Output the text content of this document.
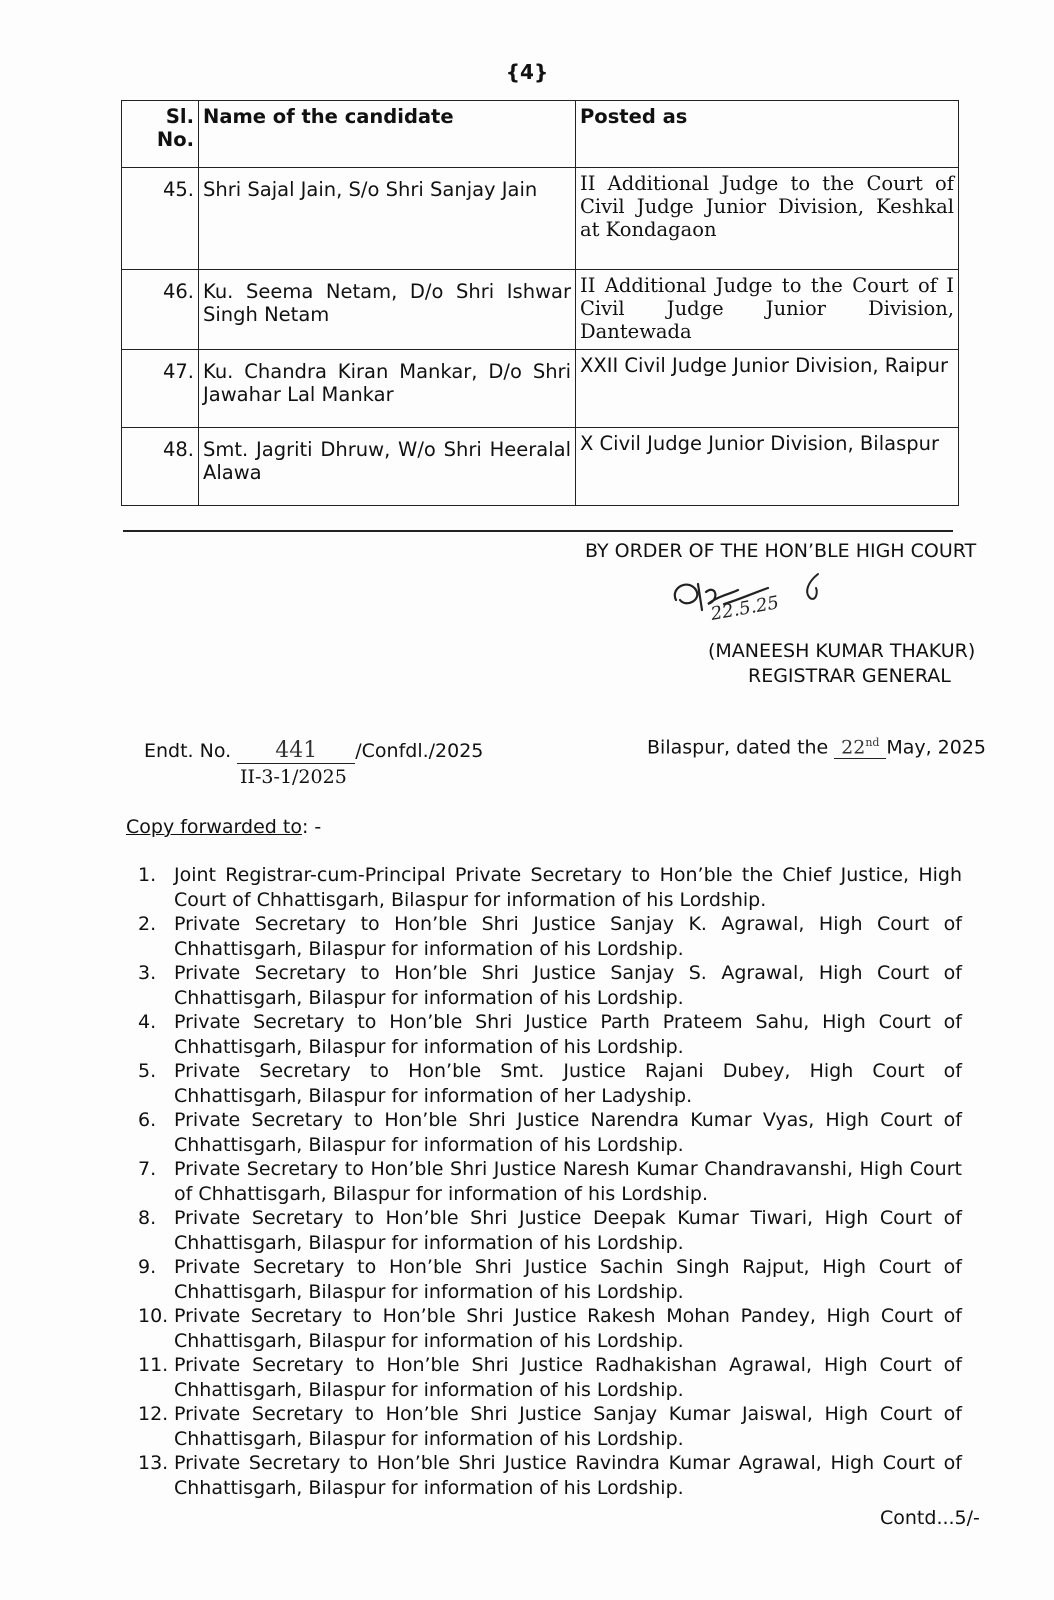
{4}
Sl. No.	Name of the candidate	Posted as
45.	Shri Sajal Jain, S/o Shri Sanjay Jain	II Additional Judge to the Court of Civil Judge Junior Division, Keshkal at Kondagaon
46.	Ku. Seema Netam, D/o Shri Ishwar Singh Netam	II Additional Judge to the Court of I Civil Judge Junior Division, Dantewada
47.	Ku. Chandra Kiran Mankar, D/o Shri Jawahar Lal Mankar	XXII Civil Judge Junior Division, Raipur
48.	Smt. Jagriti Dhruw, W/o Shri Heeralal Alawa	X Civil Judge Junior Division, Bilaspur
BY ORDER OF THE HON’BLE HIGH COURT
22.5.25
(MANEESH KUMAR THAKUR)
REGISTRAR GENERAL
Endt. No. 441 /Confdl./2025
II-3-1/2025
Bilaspur, dated the 22nd May, 2025
Copy forwarded to: -
1. Joint Registrar-cum-Principal Private Secretary to Hon’ble the Chief Justice, High Court of Chhattisgarh, Bilaspur for information of his Lordship.
2. Private Secretary to Hon’ble Shri Justice Sanjay K. Agrawal, High Court of Chhattisgarh, Bilaspur for information of his Lordship.
3. Private Secretary to Hon’ble Shri Justice Sanjay S. Agrawal, High Court of Chhattisgarh, Bilaspur for information of his Lordship.
4. Private Secretary to Hon’ble Shri Justice Parth Prateem Sahu, High Court of Chhattisgarh, Bilaspur for information of his Lordship.
5. Private Secretary to Hon’ble Smt. Justice Rajani Dubey, High Court of Chhattisgarh, Bilaspur for information of her Ladyship.
6. Private Secretary to Hon’ble Shri Justice Narendra Kumar Vyas, High Court of Chhattisgarh, Bilaspur for information of his Lordship.
7. Private Secretary to Hon’ble Shri Justice Naresh Kumar Chandravanshi, High Court of Chhattisgarh, Bilaspur for information of his Lordship.
8. Private Secretary to Hon’ble Shri Justice Deepak Kumar Tiwari, High Court of Chhattisgarh, Bilaspur for information of his Lordship.
9. Private Secretary to Hon’ble Shri Justice Sachin Singh Rajput, High Court of Chhattisgarh, Bilaspur for information of his Lordship.
10. Private Secretary to Hon’ble Shri Justice Rakesh Mohan Pandey, High Court of Chhattisgarh, Bilaspur for information of his Lordship.
11. Private Secretary to Hon’ble Shri Justice Radhakishan Agrawal, High Court of Chhattisgarh, Bilaspur for information of his Lordship.
12. Private Secretary to Hon’ble Shri Justice Sanjay Kumar Jaiswal, High Court of Chhattisgarh, Bilaspur for information of his Lordship.
13. Private Secretary to Hon’ble Shri Justice Ravindra Kumar Agrawal, High Court of Chhattisgarh, Bilaspur for information of his Lordship.
Contd...5/-
